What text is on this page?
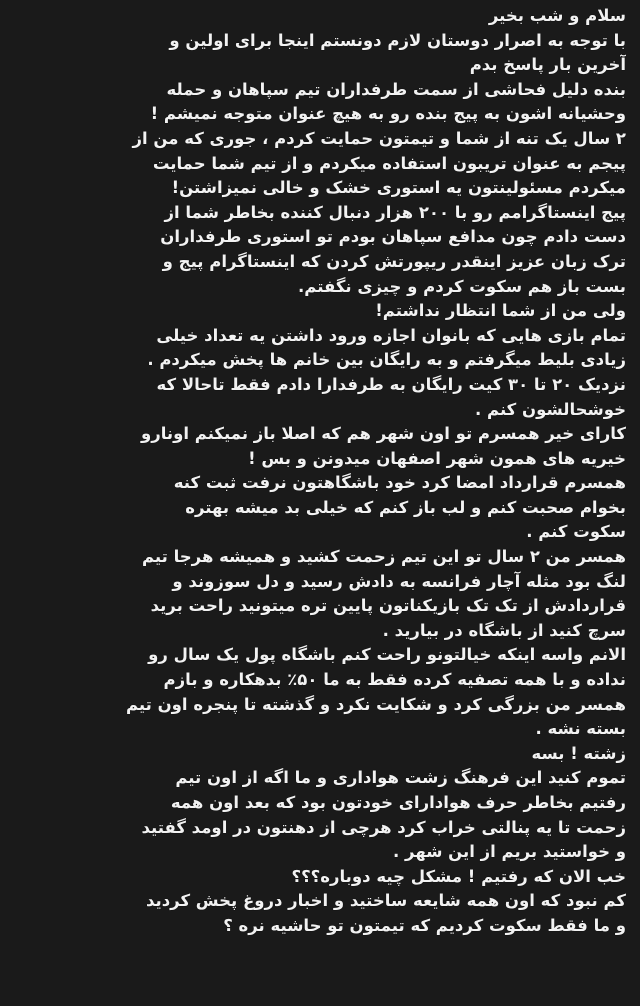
سلام و شب بخیر
با توجه به اصرار دوستان لازم دونستم اینجا برای اولین و
آخرین بار پاسخ بدم
بنده دلیل فحاشی از سمت طرفداران تیم سپاهان و حمله
وحشیانه اشون به پیج بنده رو به هیچ عنوان متوجه نمیشم !
۲ سال یک تنه از شما و تیمتون حمایت کردم ، جوری که من از
پیجم به عنوان تریبون استفاده میکردم و از تیم شما حمایت
میکردم مسئولینتون یه استوری خشک و خالی نمیزاشتن!
پیج اینستاگرامم رو با ۲۰۰ هزار دنبال کننده بخاطر شما از
دست دادم چون مدافع سپاهان بودم تو استوری طرفداران
ترک زبان عزیز اینقدر ریپورتش کردن که اینستاگرام پیج و
بست باز هم سکوت کردم و چیزی نگفتم.
ولی من از شما انتظار نداشتم!
تمام بازی هایی که بانوان اجازه ورود داشتن یه تعداد خیلی
زیادی بلیط میگرفتم و به رایگان بین خانم ها پخش میکردم .
نزدیک ۲۰ تا ۳۰ کیت رایگان به طرفدارا دادم فقط تاحالا که
خوشحالشون کنم .
کارای خیر همسرم تو اون شهر هم که اصلا باز نمیکنم اونارو
خیریه های همون شهر اصفهان میدونن و بس !
همسرم قرارداد امضا کرد خود باشگاهتون نرفت ثبت کنه
بخوام صحبت کنم و لب باز کنم که خیلی بد میشه بهتره
سکوت کنم .
همسر من ۲ سال تو این تیم زحمت کشید و همیشه هرجا تیم
لنگ بود مثله آچار فرانسه به دادش رسید و دل سوزوند و
قراردادش از تک تک بازیکناتون پایین تره میتونید راحت برید
سرچ کنید از باشگاه در بیارید .
الانم واسه اینکه خیالتونو راحت کنم باشگاه پول یک سال رو
نداده و با همه تصفیه کرده فقط به ما ۵۰٪ بدهکاره و بازم
همسر من بزرگی کرد و شکایت نکرد و گذشته تا پنجره اون تیم
بسته نشه .
زشته ! بسه
تموم کنید این فرهنگ زشت هواداری و ما اگه از اون تیم
رفتیم بخاطر حرف هوادارای خودتون بود که بعد اون همه
زحمت تا یه پنالتی خراب کرد هرچی از دهنتون در اومد گفتید
و خواستید بریم از این شهر .
خب الان که رفتیم ! مشکل چیه دوباره؟؟؟
کم نبود که اون همه شایعه ساختید و اخبار دروغ پخش کردید
و ما فقط سکوت کردیم که تیمتون تو حاشیه نره ؟
